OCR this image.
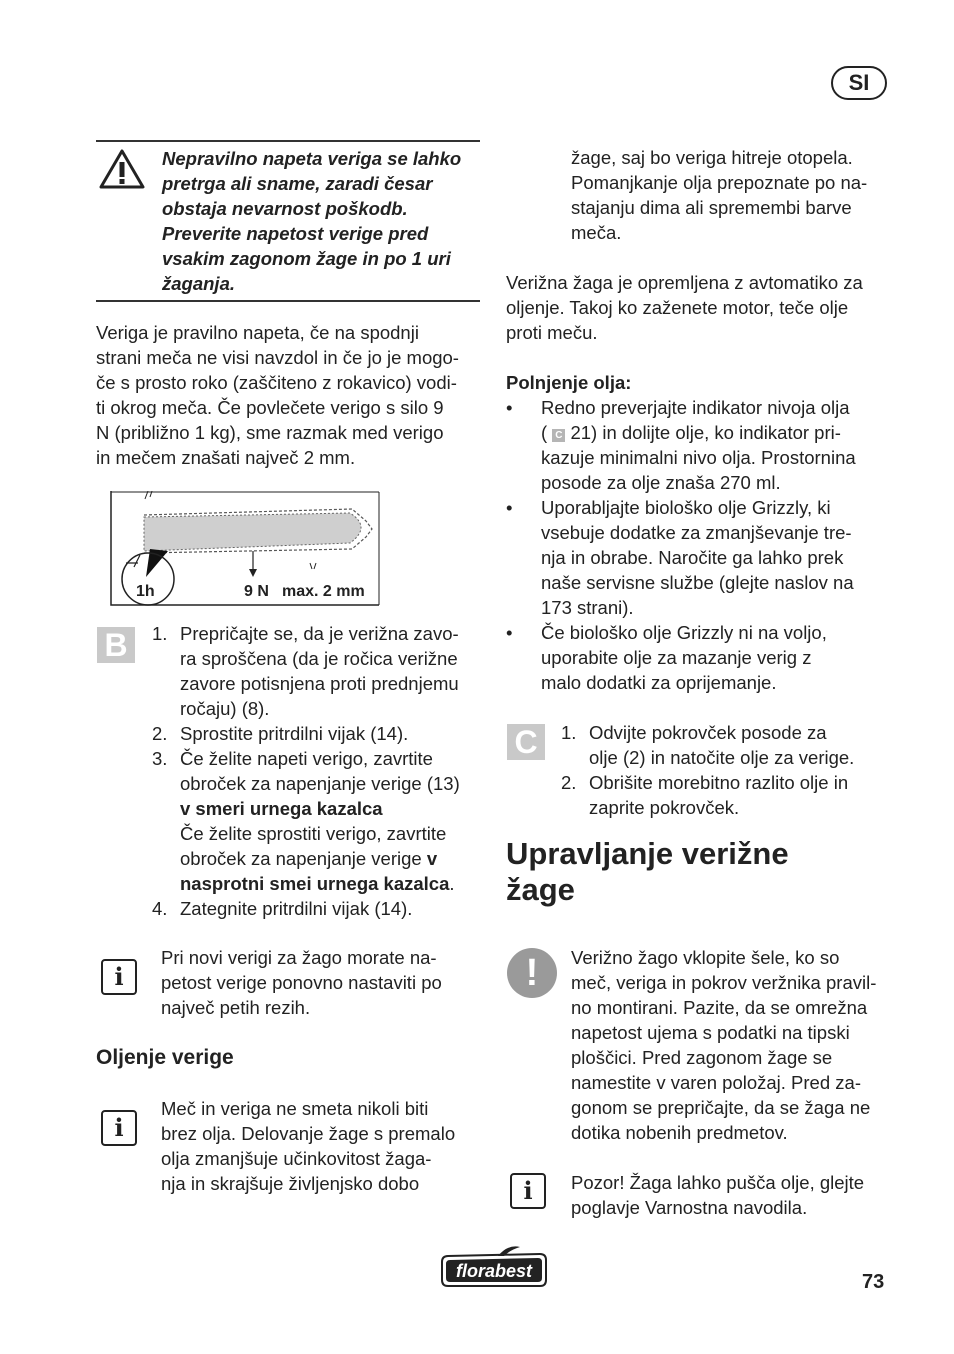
SI
Nepravilno napeta veriga se lahko
pretrga ali sname, zaradi česar
obstaja nevarnost poškodb.
Preverite napetost verige pred
vsakim zagonom žage in po 1 uri
žaganja.
Veriga je pravilno napeta, če na spodnji
strani meča ne visi navzdol in če jo je mogo-
če s prosto roko (zaščiteno z rokavico) vodi-
ti okrog meča. Če povlečete verigo s silo 9
N (približno 1 kg), sme razmak med verigo
in mečem znašati največ 2 mm.
1h	9 N max. 2 mm
B	1. Prepričajte se, da je verižna zavo-
ra sproščena (da je ročica verižne
zavore potisnjena proti prednjemu
ročaju) (8).
2. Sprostite pritrdilni vijak (14).
3. Če želite napeti verigo, zavrtite
obroček za napenjanje verige (13)
v smeri urnega kazalca
Če želite sprostiti verigo, zavrtite
obroček za napenjanje verige v
nasprotni smei urnega kazalca.
4. Zategnite pritrdilni vijak (14).
i
Pri novi verigi za žago morate na-
petost verige ponovno nastaviti po
največ petih rezih.
Oljenje verige
i
Meč in veriga ne smeta nikoli biti
brez olja. Delovanje žage s premalo
olja zmanjšuje učinkovitost žaga-
nja in skrajšuje življenjsko dobo
žage, saj bo veriga hitreje otopela.
Pomanjkanje olja prepoznate po na-
stajanju dima ali spremembi barve
meča.
Verižna žaga je opremljena z avtomatiko za
oljenje. Takoj ko zaženete motor, teče olje
proti meču.
Polnjenje olja:
• Redno preverjajte indikator nivoja olja
( C 21) in dolijte olje, ko indikator pri-
kazuje minimalni nivo olja. Prostornina
posode za olje znaša 270 ml.
• Uporabljajte biološko olje Grizzly, ki
vsebuje dodatke za zmanjševanje tre-
nja in obrabe. Naročite ga lahko prek
naše servisne službe (glejte naslov na
173 strani).
• Če biološko olje Grizzly ni na voljo,
uporabite olje za mazanje verig z
malo dodatki za oprijemanje.
C	1. Odvijte pokrovček posode za
olje (2) in natočite olje za verige.
2. Obrišite morebitno razlito olje in
zaprite pokrovček.
Upravljanje verižne
žage
!	Verižno žago vklopite šele, ko so
meč, veriga in pokrov veržnika pravil-
no montirani. Pazite, da se omrežna
napetost ujema s podatki na tipski
ploščici. Pred zagonom žage se
namestite v varen položaj. Pred za-
gonom se prepričajte, da se žaga ne
dotika nobenih predmetov.
i	Pozor! Žaga lahko pušča olje, glejte
poglavje Varnostna navodila.
florabest	73
